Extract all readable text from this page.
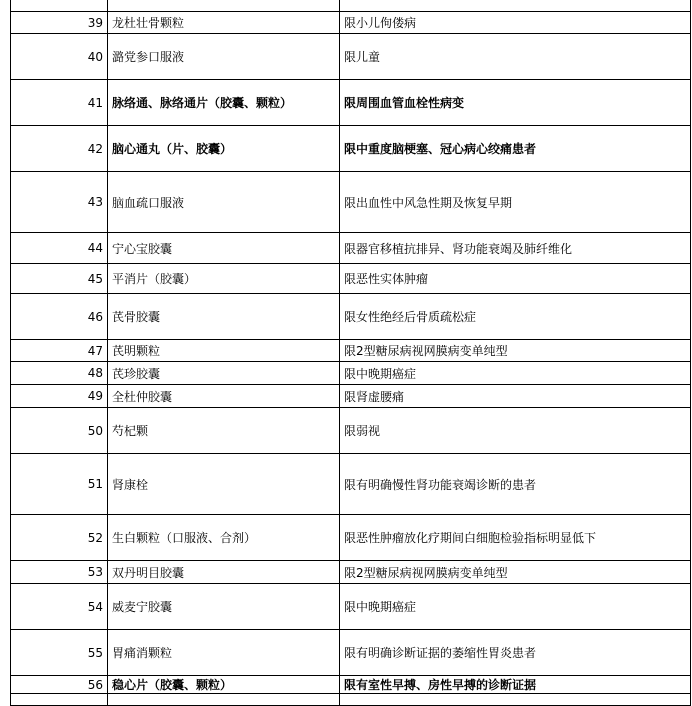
39	龙杜壮骨颗粒	限小儿佝偻病
40	潞党参口服液	限儿童
41	脉络通、脉络通片（胶囊、颗粒）	限周围血管血栓性病变
42	脑心通丸（片、胶囊）	限中重度脑梗塞、冠心病心绞痛患者
43	脑血疏口服液	限出血性中风急性期及恢复早期
44	宁心宝胶囊	限器官移植抗排异、肾功能衰竭及肺纤维化
45	平消片（胶囊）	限恶性实体肿瘤
46	芪骨胶囊	限女性绝经后骨质疏松症
47	芪明颗粒	限2型糖尿病视网膜病变单纯型
48	芪珍胶囊	限中晚期癌症
49	全杜仲胶囊	限肾虚腰痛
50	芍杞颗	限弱视
51	肾康栓	限有明确慢性肾功能衰竭诊断的患者
52	生白颗粒（口服液、合剂）	限恶性肿瘤放化疗期间白细胞检验指标明显低下
53	双丹明目胶囊	限2型糖尿病视网膜病变单纯型
54	威麦宁胶囊	限中晚期癌症
55	胃痛消颗粒	限有明确诊断证据的萎缩性胃炎患者
56	稳心片（胶囊、颗粒）	限有室性早搏、房性早搏的诊断证据
